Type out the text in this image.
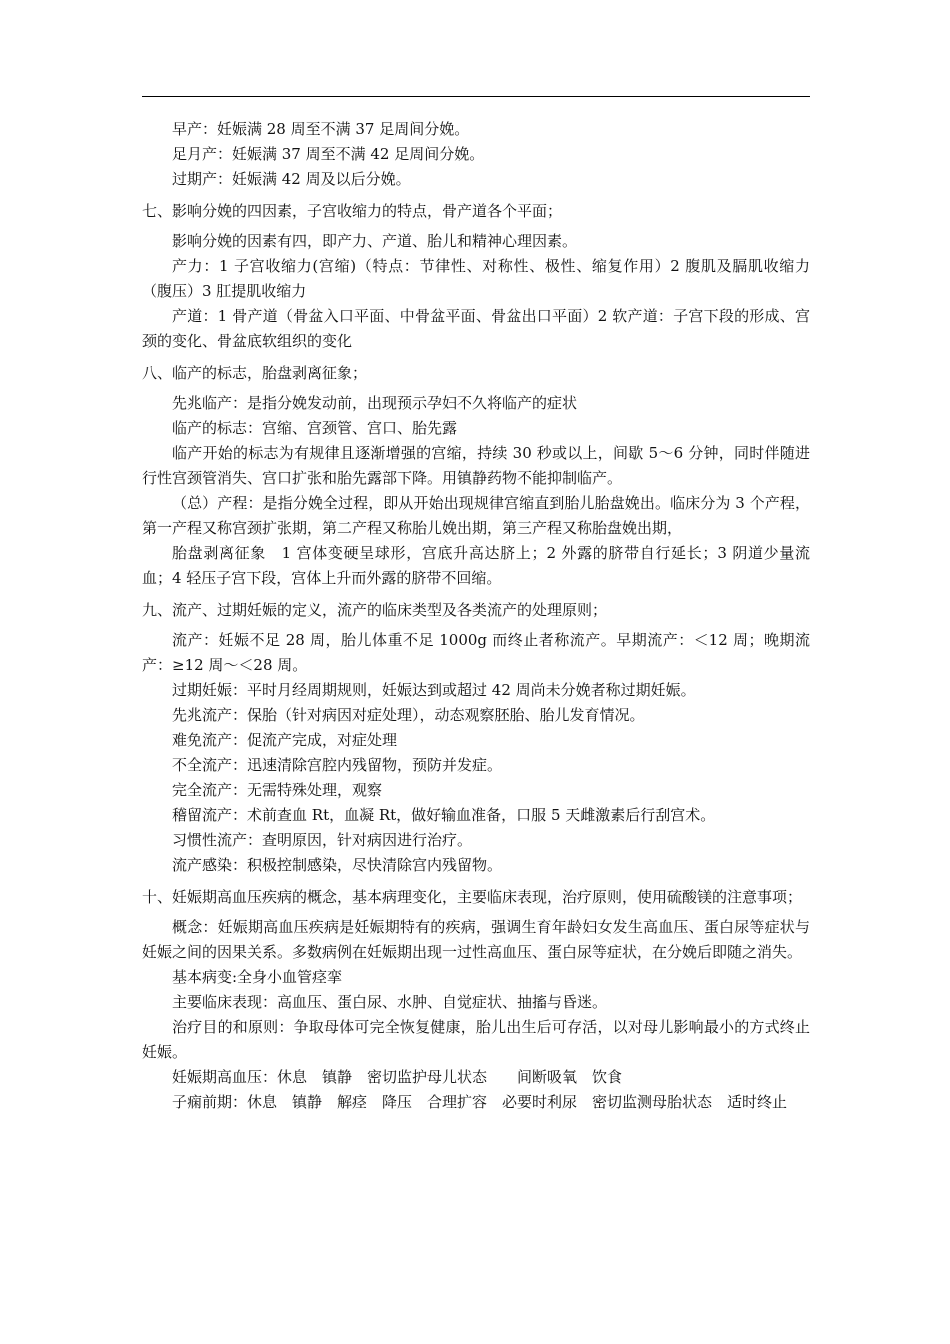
早产：妊娠满 28 周至不满 37 足周间分娩。

足月产：妊娠满 37 周至不满 42 足周间分娩。

过期产：妊娠满 42 周及以后分娩。

七、影响分娩的四因素，子宫收缩力的特点，骨产道各个平面；

影响分娩的因素有四，即产力、产道、胎儿和精神心理因素。

产力：1 子宫收缩力(宫缩)（特点：节律性、对称性、极性、缩复作用）2 腹肌及膈肌收缩力（腹压）3 肛提肌收缩力

产道：1 骨产道（骨盆入口平面、中骨盆平面、骨盆出口平面）2 软产道：子宫下段的形成、宫颈的变化、骨盆底软组织的变化

八、临产的标志，胎盘剥离征象；

先兆临产：是指分娩发动前，出现预示孕妇不久将临产的症状

临产的标志：宫缩、宫颈管、宫口、胎先露

临产开始的标志为有规律且逐渐增强的宫缩，持续 30 秒或以上，间歇 5～6 分钟，同时伴随进行性宫颈管消失、宫口扩张和胎先露部下降。用镇静药物不能抑制临产。

（总）产程：是指分娩全过程，即从开始出现规律宫缩直到胎儿胎盘娩出。临床分为 3 个产程，第一产程又称宫颈扩张期，第二产程又称胎儿娩出期，第三产程又称胎盘娩出期，

胎盘剥离征象　1 宫体变硬呈球形，宫底升高达脐上；2 外露的脐带自行延长；3 阴道少量流血；4 轻压子宫下段，宫体上升而外露的脐带不回缩。

九、流产、过期妊娠的定义，流产的临床类型及各类流产的处理原则；

流产：妊娠不足 28 周，胎儿体重不足 1000g 而终止者称流产。早期流产：＜12 周；晚期流产：≥12 周～＜28 周。

过期妊娠：平时月经周期规则，妊娠达到或超过 42 周尚未分娩者称过期妊娠。

先兆流产：保胎（针对病因对症处理），动态观察胚胎、胎儿发育情况。

难免流产：促流产完成，对症处理

不全流产：迅速清除宫腔内残留物，预防并发症。

完全流产：无需特殊处理，观察

稽留流产：术前查血 Rt，血凝 Rt，做好输血准备，口服 5 天雌激素后行刮宫术。

习惯性流产：查明原因，针对病因进行治疗。

流产感染：积极控制感染，尽快清除宫内残留物。

十、妊娠期高血压疾病的概念，基本病理变化，主要临床表现，治疗原则，使用硫酸镁的注意事项；

概念：妊娠期高血压疾病是妊娠期特有的疾病，强调生育年龄妇女发生高血压、蛋白尿等症状与妊娠之间的因果关系。多数病例在妊娠期出现一过性高血压、蛋白尿等症状，在分娩后即随之消失。

基本病变:全身小血管痉挛

主要临床表现：高血压、蛋白尿、水肿、自觉症状、抽搐与昏迷。

治疗目的和原则：争取母体可完全恢复健康，胎儿出生后可存活，以对母儿影响最小的方式终止妊娠。

妊娠期高血压：休息　镇静　密切监护母儿状态　　间断吸氧　饮食

子痫前期：休息　镇静　解痉　降压　合理扩容　必要时利尿　密切监测母胎状态　适时终止
